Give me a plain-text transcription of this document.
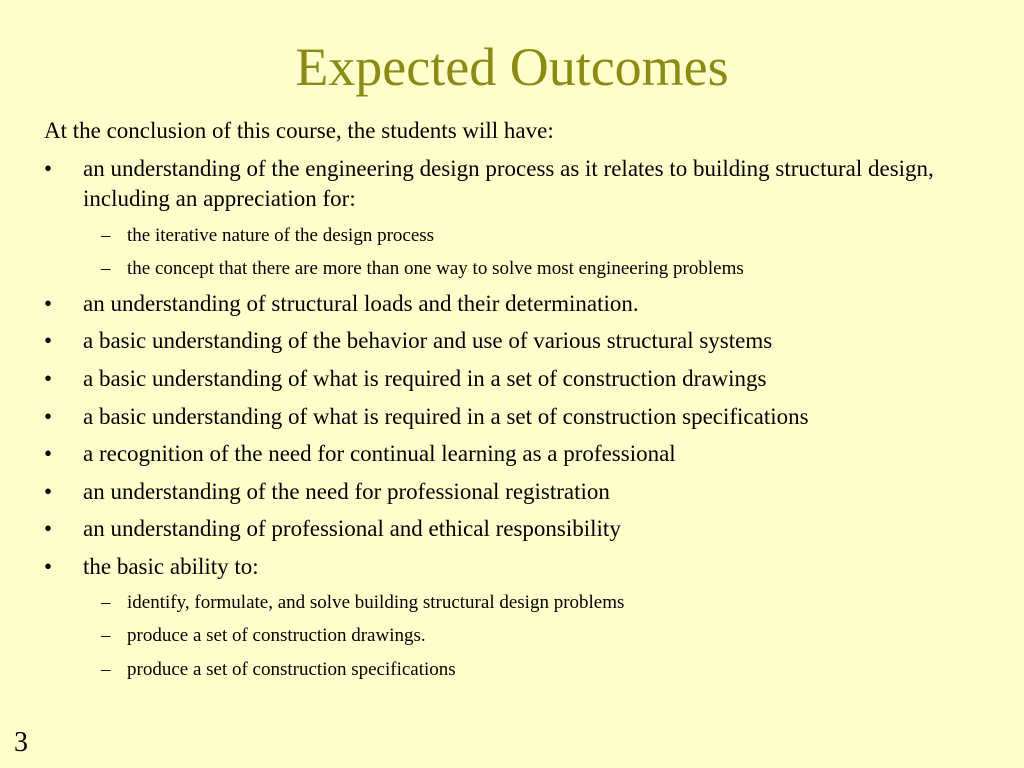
Expected Outcomes
At the conclusion of this course, the students will have:
• an understanding of the engineering design process as it relates to building structural design, including an appreciation for:
– the iterative nature of the design process
– the concept that there are more than one way to solve most engineering problems
• an understanding of structural loads and their determination.
• a basic understanding of the behavior and use of various structural systems
• a basic understanding of what is required in a set of construction drawings
• a basic understanding of what is required in a set of construction specifications
• a recognition of the need for continual learning as a professional
• an understanding of the need for professional registration
• an understanding of professional and ethical responsibility
• the basic ability to:
– identify, formulate, and solve building structural design problems
– produce a set of construction drawings.
– produce a set of construction specifications
3
